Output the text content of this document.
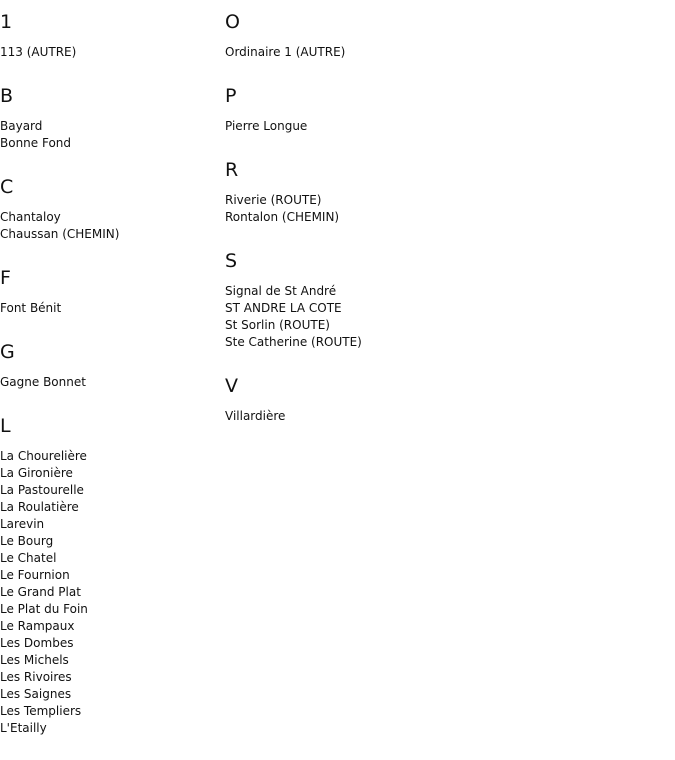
1
113 (AUTRE)
B
Bayard
Bonne Fond
C
Chantaloy
Chaussan (CHEMIN)
F
Font Bénit
G
Gagne Bonnet
L
La Chourelière
La Gironière
La Pastourelle
La Roulatière
Larevin
Le Bourg
Le Chatel
Le Fournion
Le Grand Plat
Le Plat du Foin
Le Rampaux
Les Dombes
Les Michels
Les Rivoires
Les Saignes
Les Templiers
L'Etailly
O
Ordinaire 1 (AUTRE)
P
Pierre Longue
R
Riverie (ROUTE)
Rontalon (CHEMIN)
S
Signal de St André
ST ANDRE LA COTE
St Sorlin (ROUTE)
Ste Catherine (ROUTE)
V
Villardière
